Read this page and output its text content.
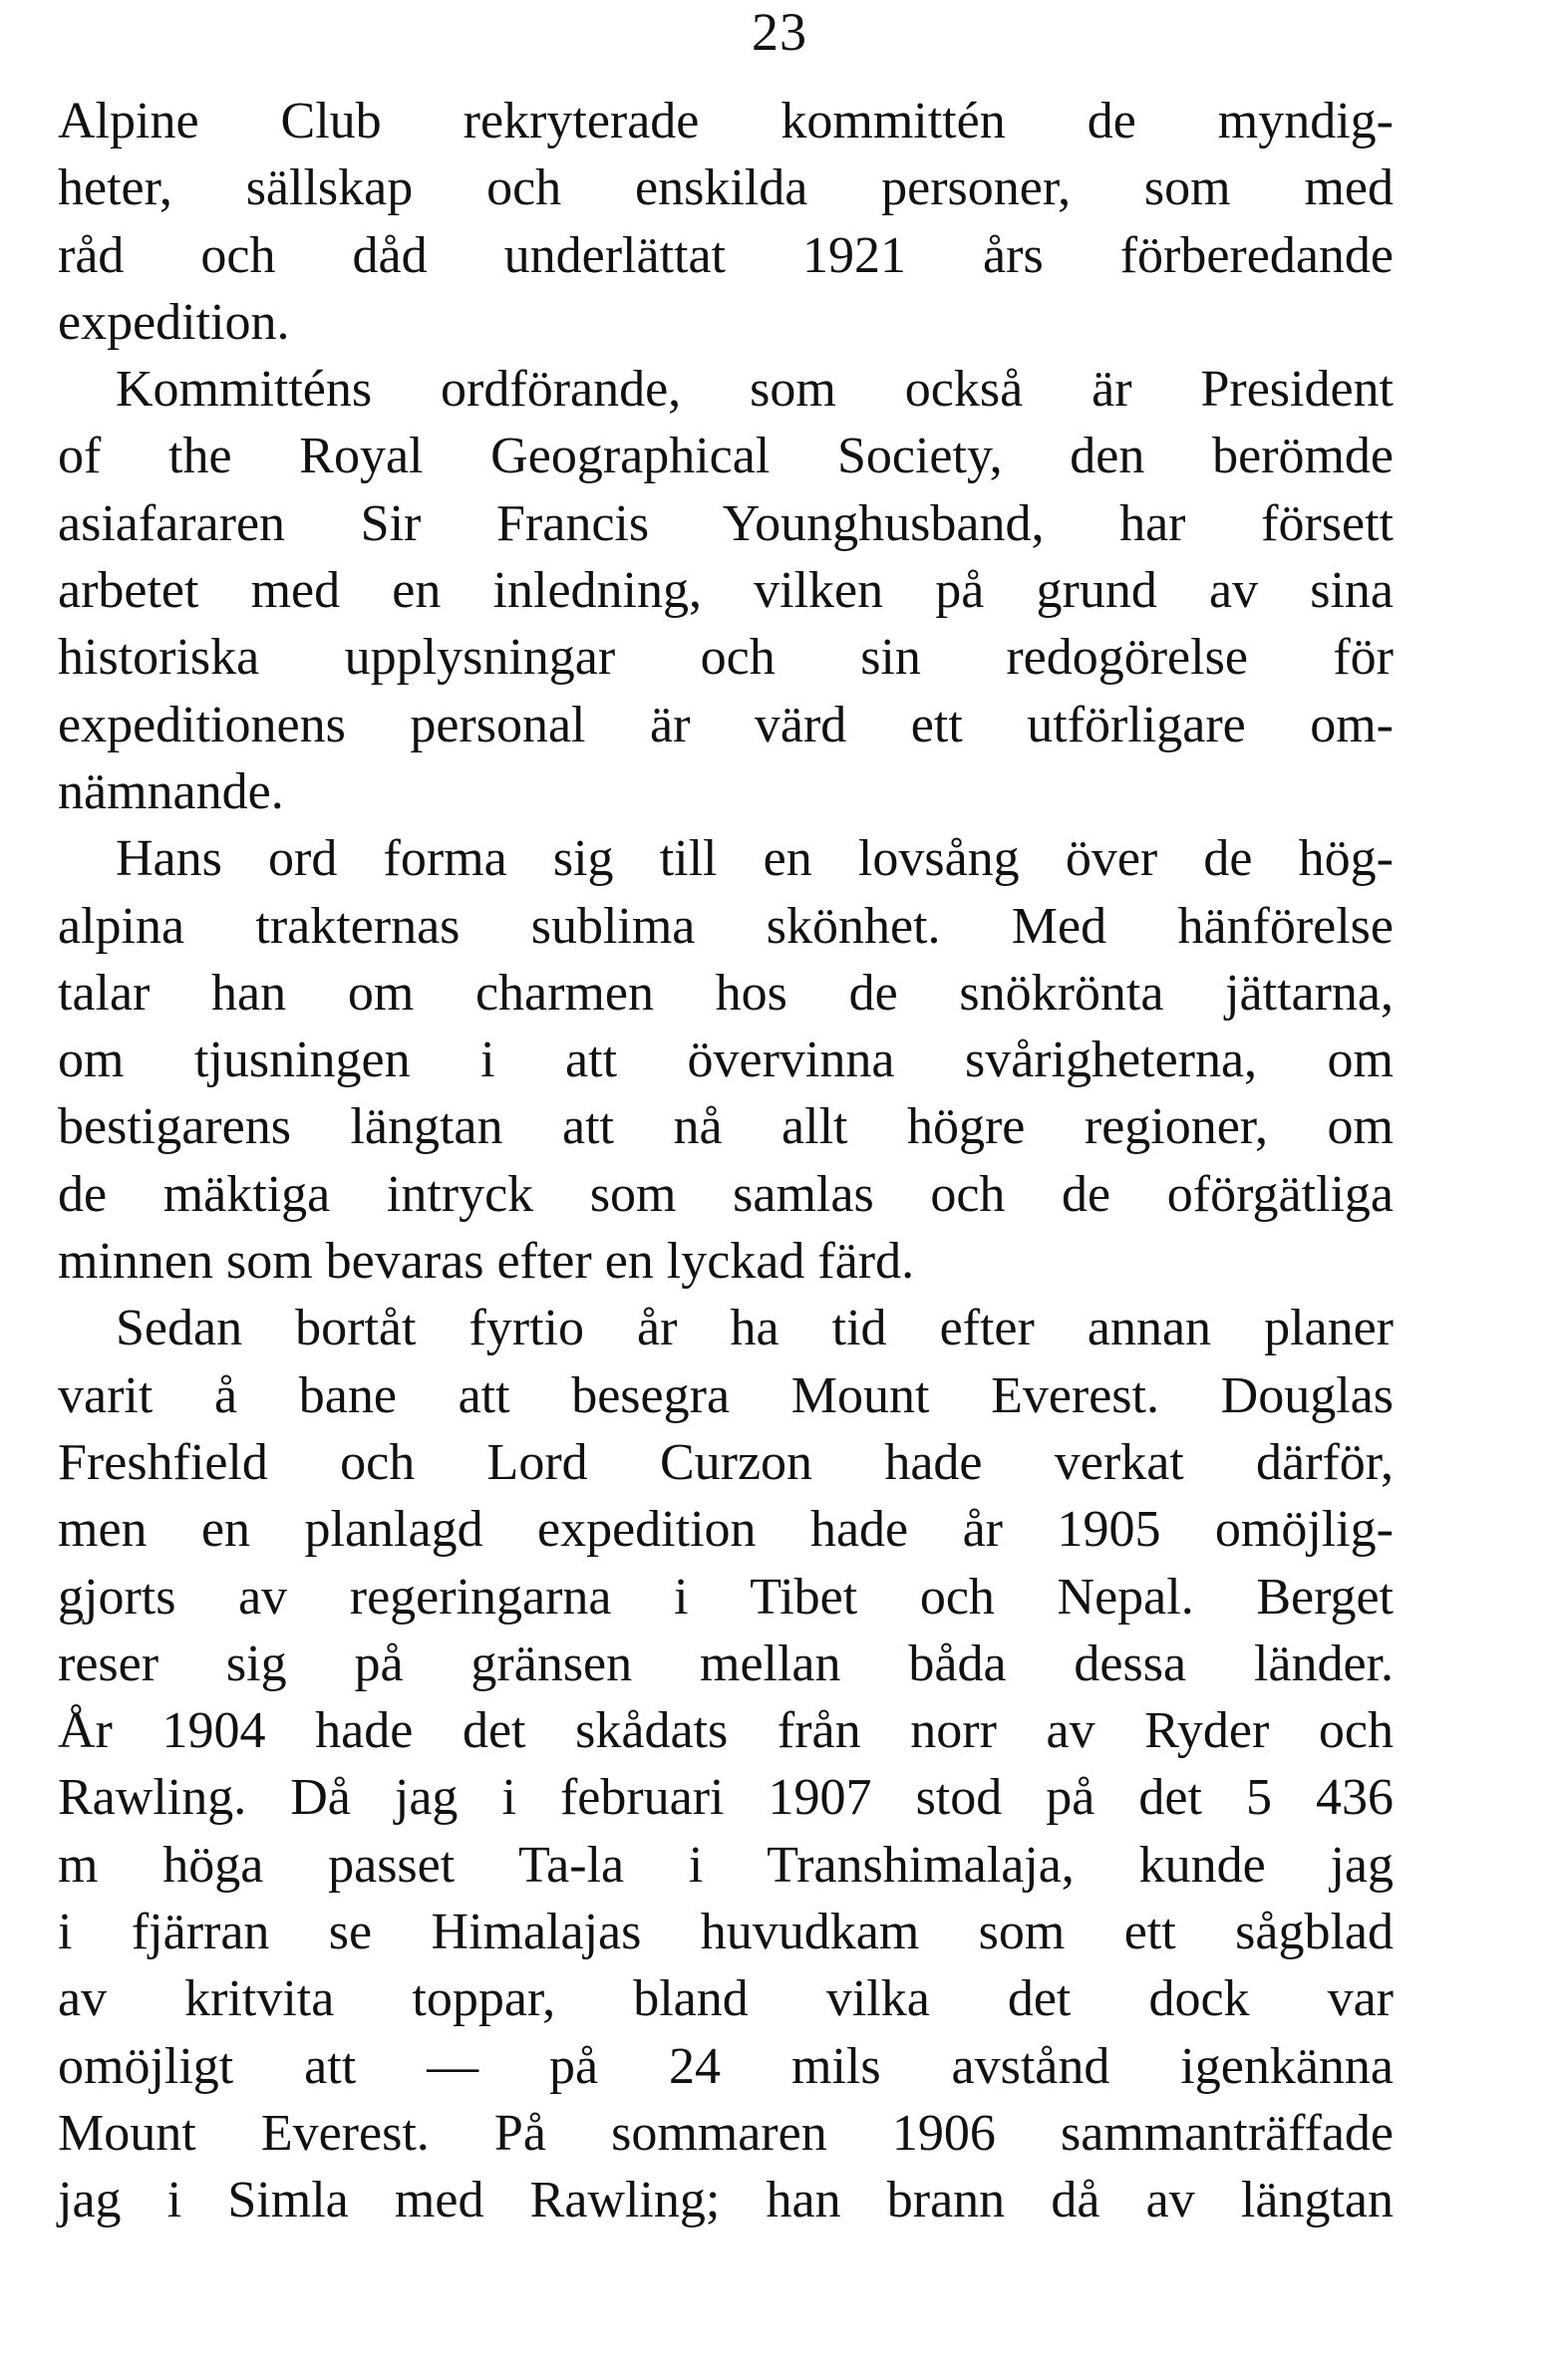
23
Alpine Club rekryterade kommittén de myndig-
heter, sällskap och enskilda personer, som med
råd och dåd underlättat 1921 års förberedande
expedition.
Kommitténs ordförande, som också är President
of the Royal Geographical Society, den berömde
asiafararen Sir Francis Younghusband, har försett
arbetet med en inledning, vilken på grund av sina
historiska upplysningar och sin redogörelse för
expeditionens personal är värd ett utförligare om-
nämnande.
Hans ord forma sig till en lovsång över de hög-
alpina trakternas sublima skönhet. Med hänförelse
talar han om charmen hos de snökrönta jättarna,
om tjusningen i att övervinna svårigheterna, om
bestigarens längtan att nå allt högre regioner, om
de mäktiga intryck som samlas och de oförgätliga
minnen som bevaras efter en lyckad färd.
Sedan bortåt fyrtio år ha tid efter annan planer
varit å bane att besegra Mount Everest. Douglas
Freshfield och Lord Curzon hade verkat därför,
men en planlagd expedition hade år 1905 omöjlig-
gjorts av regeringarna i Tibet och Nepal. Berget
reser sig på gränsen mellan båda dessa länder.
År 1904 hade det skådats från norr av Ryder och
Rawling. Då jag i februari 1907 stod på det 5 436
m höga passet Ta-la i Transhimalaja, kunde jag
i fjärran se Himalajas huvudkam som ett sågblad
av kritvita toppar, bland vilka det dock var
omöjligt att — på 24 mils avstånd igenkänna
Mount Everest. På sommaren 1906 sammanträffade
jag i Simla med Rawling; han brann då av längtan
